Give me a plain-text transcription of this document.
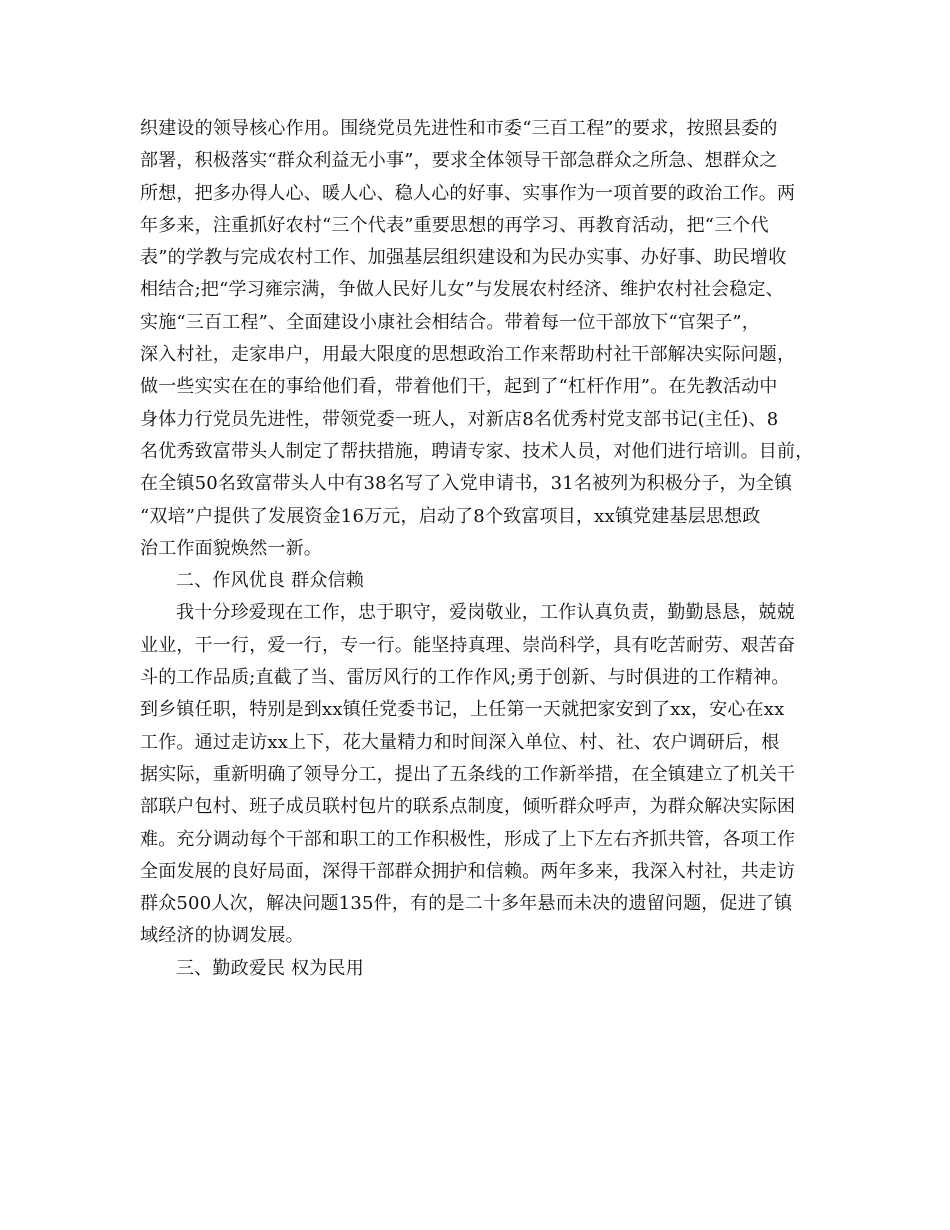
织建设的领导核心作用。围绕党员先进性和市委“三百工程”的要求，按照县委的
部署，积极落实“群众利益无小事”，要求全体领导干部急群众之所急、想群众之
所想，把多办得人心、暖人心、稳人心的好事、实事作为一项首要的政治工作。两
年多来，注重抓好农村“三个代表”重要思想的再学习、再教育活动，把“三个代
表”的学教与完成农村工作、加强基层组织建设和为民办实事、办好事、助民增收
相结合;把“学习雍宗满，争做人民好儿女”与发展农村经济、维护农村社会稳定、
实施“三百工程”、全面建设小康社会相结合。带着每一位干部放下“官架子”，
深入村社，走家串户，用最大限度的思想政治工作来帮助村社干部解决实际问题，
做一些实实在在的事给他们看，带着他们干，起到了“杠杆作用”。在先教活动中
身体力行党员先进性，带领党委一班人，对新店8名优秀村党支部书记(主任)、8
名优秀致富带头人制定了帮扶措施，聘请专家、技术人员，对他们进行培训。目前，
在全镇50名致富带头人中有38名写了入党申请书，31名被列为积极分子，为全镇
“双培”户提供了发展资金16万元，启动了8个致富项目，xx镇党建基层思想政
治工作面貌焕然一新。
二、作风优良 群众信赖
我十分珍爱现在工作，忠于职守，爱岗敬业，工作认真负责，勤勤恳恳，兢兢
业业，干一行，爱一行，专一行。能坚持真理、崇尚科学，具有吃苦耐劳、艰苦奋
斗的工作品质;直截了当、雷厉风行的工作作风;勇于创新、与时俱进的工作精神。
到乡镇任职，特别是到xx镇任党委书记，上任第一天就把家安到了xx，安心在xx
工作。通过走访xx上下，花大量精力和时间深入单位、村、社、农户调研后，根
据实际，重新明确了领导分工，提出了五条线的工作新举措，在全镇建立了机关干
部联户包村、班子成员联村包片的联系点制度，倾听群众呼声，为群众解决实际困
难。充分调动每个干部和职工的工作积极性，形成了上下左右齐抓共管，各项工作
全面发展的良好局面，深得干部群众拥护和信赖。两年多来，我深入村社，共走访
群众500人次，解决问题135件，有的是二十多年悬而未决的遗留问题，促进了镇
域经济的协调发展。
三、勤政爱民 权为民用
